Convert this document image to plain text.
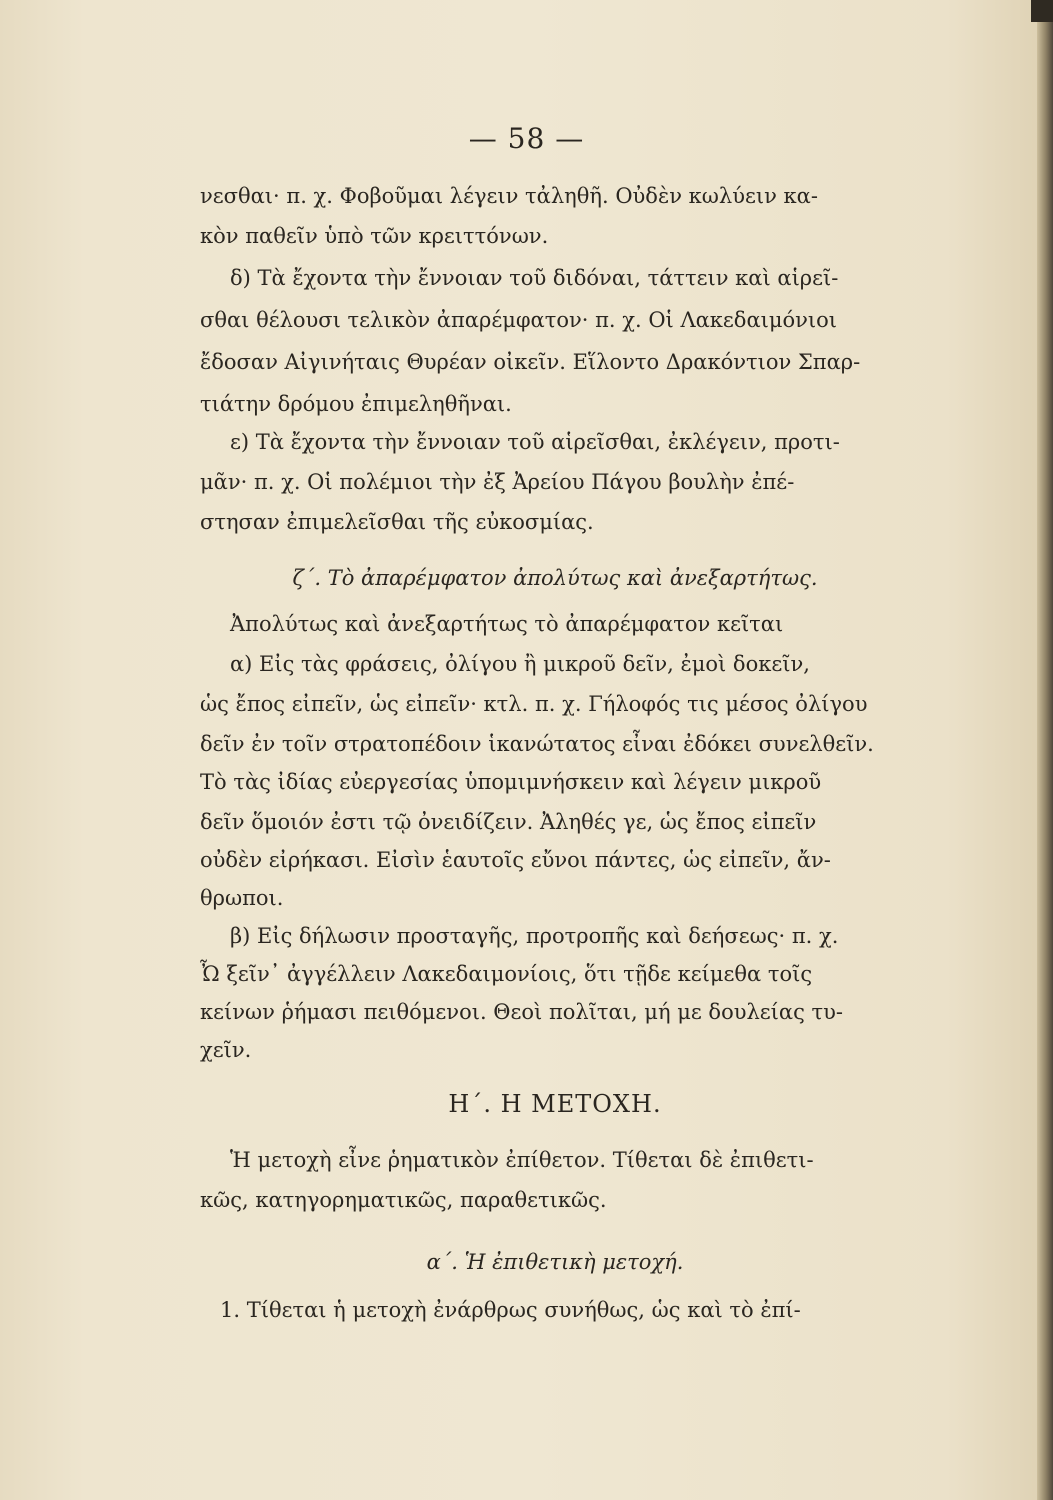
— 58 —
νεσθαι· π. χ. Φοβοῦμαι λέγειν τἀληθῆ. Οὐδὲν κωλύειν κα-
κὸν παθεῖν ὑπὸ τῶν κρειττόνων.
δ) Τὰ ἔχοντα τὴν ἔννοιαν τοῦ διδόναι, τάττειν καὶ αἱρεῖ-
σθαι θέλουσι τελικὸν ἀπαρέμφατον· π. χ. Οἱ Λακεδαιμόνιοι
ἔδοσαν Αἰγινήταις Θυρέαν οἰκεῖν. Εἵλοντο Δρακόντιον Σπαρ-
τιάτην δρόμου ἐπιμεληθῆναι.
ε) Τὰ ἔχοντα τὴν ἔννοιαν τοῦ αἱρεῖσθαι, ἐκλέγειν, προτι-
μᾶν· π. χ. Οἱ πολέμιοι τὴν ἐξ Ἀρείου Πάγου βουλὴν ἐπέ-
στησαν ἐπιμελεῖσθαι τῆς εὐκοσμίας.
ζ΄. Τὸ ἀπαρέμφατον ἀπολύτως καὶ ἀνεξαρτήτως.
Ἀπολύτως καὶ ἀνεξαρτήτως τὸ ἀπαρέμφατον κεῖται
α) Εἰς τὰς φράσεις, ὀλίγου ἢ μικροῦ δεῖν, ἐμοὶ δοκεῖν,
ὡς ἔπος εἰπεῖν, ὡς εἰπεῖν· κτλ. π. χ. Γήλοφός τις μέσος ὀλίγου
δεῖν ἐν τοῖν στρατοπέδοιν ἱκανώτατος εἶναι ἐδόκει συνελθεῖν.
Τὸ τὰς ἰδίας εὐεργεσίας ὑπομιμνήσκειν καὶ λέγειν μικροῦ
δεῖν ὅμοιόν ἐστι τῷ ὀνειδίζειν. Ἀληθές γε, ὡς ἔπος εἰπεῖν
οὐδὲν εἰρήκασι. Εἰσὶν ἑαυτοῖς εὔνοι πάντες, ὡς εἰπεῖν, ἄν-
θρωποι.
β) Εἰς δήλωσιν προσταγῆς, προτροπῆς καὶ δεήσεως· π. χ.
Ὦ ξεῖν᾽ ἀγγέλλειν Λακεδαιμονίοις, ὅτι τῇδε κείμεθα τοῖς
κείνων ῥήμασι πειθόμενοι. Θεοὶ πολῖται, μή με δουλείας τυ-
χεῖν.
Η΄. Η ΜΕΤΟΧΗ.
Ἡ μετοχὴ εἶνε ῥηματικὸν ἐπίθετον. Τίθεται δὲ ἐπιθετι-
κῶς, κατηγορηματικῶς, παραθετικῶς.
α΄. Ἡ ἐπιθετικὴ μετοχή.
1. Τίθεται ἡ μετοχὴ ἐνάρθρως συνήθως, ὡς καὶ τὸ ἐπί-
